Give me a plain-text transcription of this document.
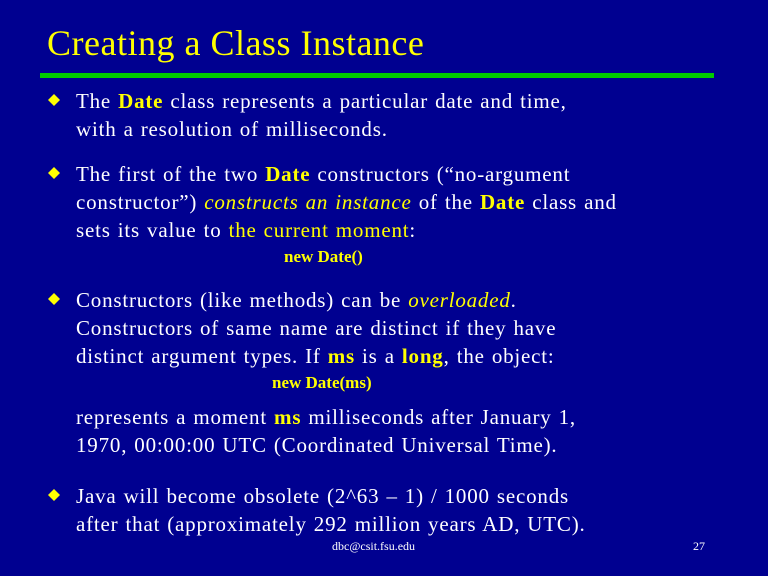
Creating a Class Instance
The Date class represents a particular date and time,
with a resolution of milliseconds.
The first of the two Date constructors (“no-argument
constructor”) constructs an instance of the Date class and
sets its value to the current moment:
new Date()
Constructors (like methods) can be overloaded.
Constructors of same name are distinct if they have
distinct argument types. If ms is a long, the object:
new Date(ms)
represents a moment ms milliseconds after January 1,
1970, 00:00:00 UTC (Coordinated Universal Time).
Java will become obsolete (2^63 – 1) / 1000 seconds
after that (approximately 292 million years AD, UTC).
dbc@csit.fsu.edu	27
